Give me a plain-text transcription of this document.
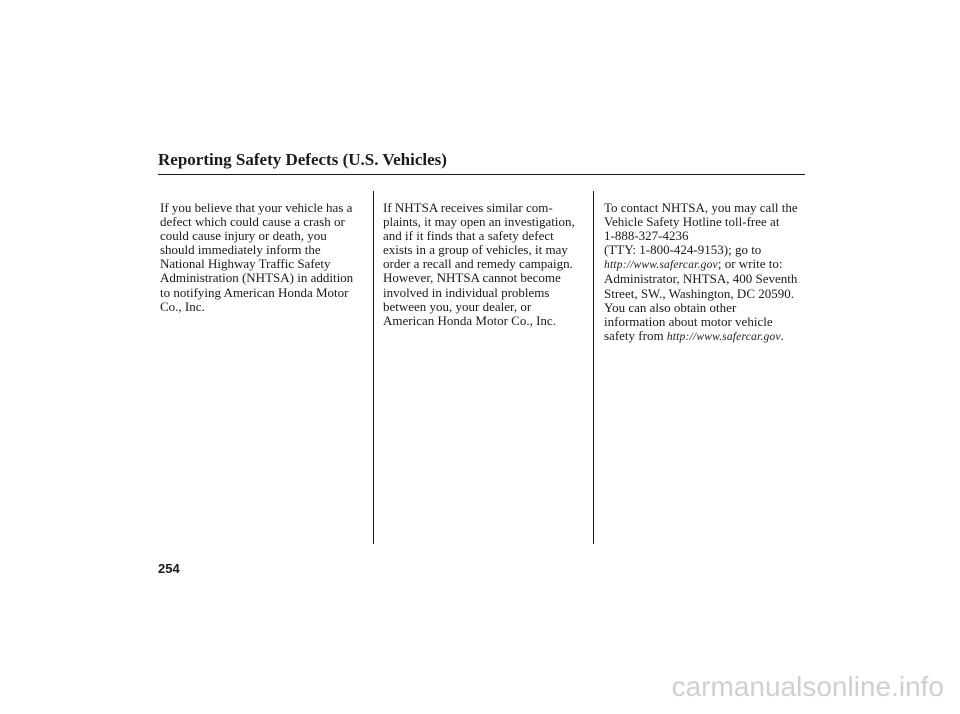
Reporting Safety Defects (U.S. Vehicles)
If you believe that your vehicle has a
defect which could cause a crash or
could cause injury or death, you
should immediately inform the
National Highway Traffic Safety
Administration (NHTSA) in addition
to notifying American Honda Motor
Co., Inc.
If NHTSA receives similar com-
plaints, it may open an investigation,
and if it finds that a safety defect
exists in a group of vehicles, it may
order a recall and remedy campaign.
However, NHTSA cannot become
involved in individual problems
between you, your dealer, or
American Honda Motor Co., Inc.
To contact NHTSA, you may call the
Vehicle Safety Hotline toll-free at
1-888-327-4236
(TTY: 1-800-424-9153); go to
http://www.safercar.gov; or write to:
Administrator, NHTSA, 400 Seventh
Street, SW., Washington, DC 20590.
You can also obtain other
information about motor vehicle
safety from http://www.safercar.gov.
254
carmanualsonline.info
